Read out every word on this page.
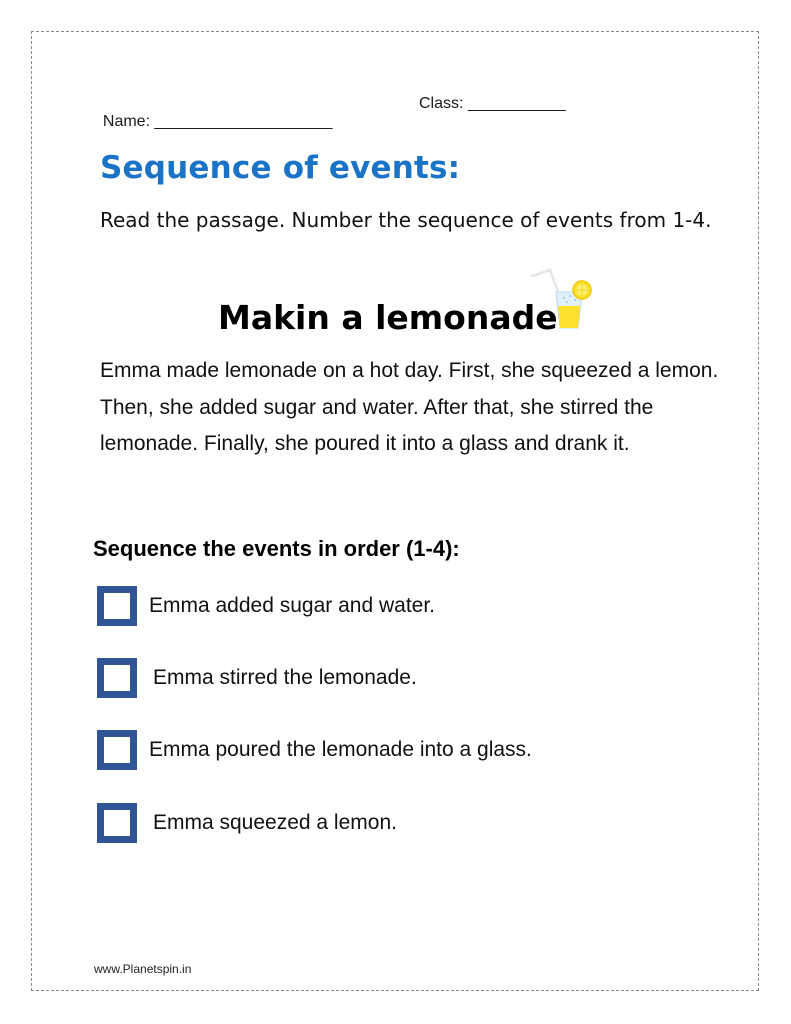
Name: ____________________

Class: ___________

Sequence of events:
Read the passage. Number the sequence of events from 1-4.
Makin a lemonade
Emma made lemonade on a hot day. First, she squeezed a lemon. Then, she added sugar and water. After that, she stirred the lemonade. Finally, she poured it into a glass and drank it.
Sequence the events in order (1-4):
Emma added sugar and water.
Emma stirred the lemonade.
Emma poured the lemonade into a glass.
Emma squeezed a lemon.
www.Planetspin.in
